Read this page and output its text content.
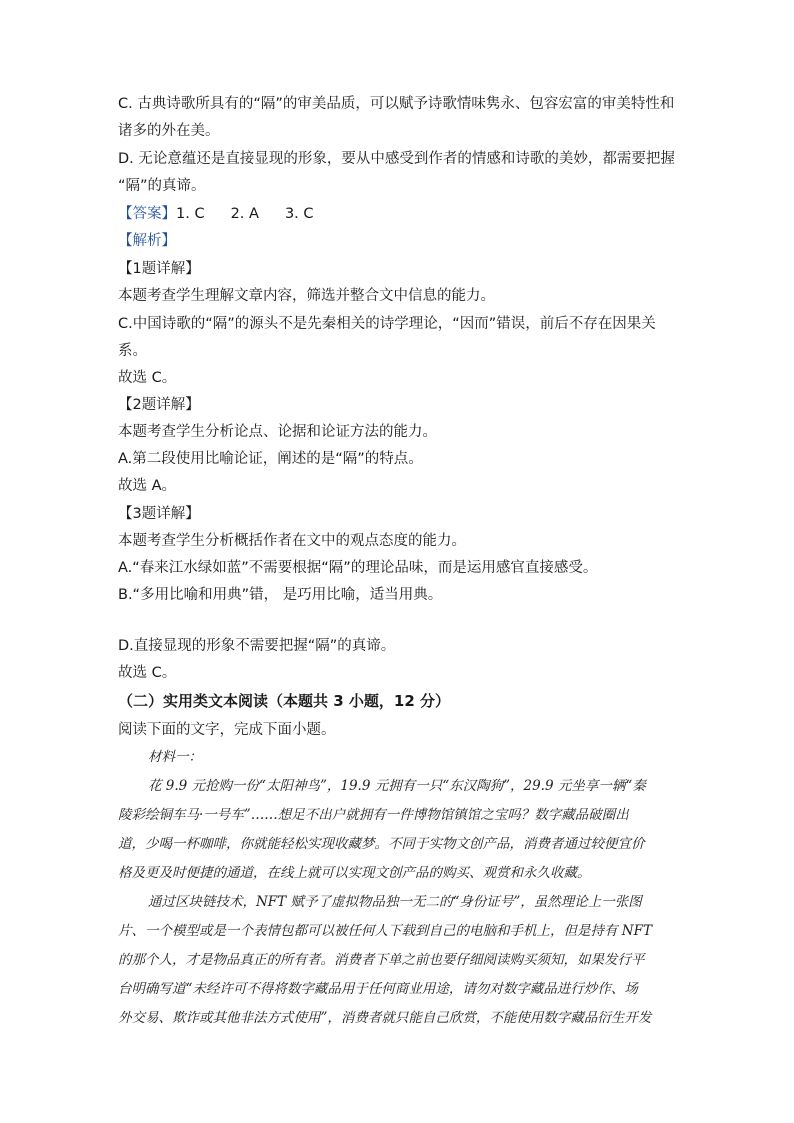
C. 古典诗歌所具有的“隔”的审美品质，可以赋予诗歌情味隽永、包容宏富的审美特性和
诸多的外在美。
D. 无论意蕴还是直接显现的形象，要从中感受到作者的情感和诗歌的美妙，都需要把握
“隔”的真谛。
【答案】1. C 2. A 3. C
【解析】
【1题详解】
本题考查学生理解文章内容，筛选并整合文中信息的能力。
C.中国诗歌的“隔”的源头不是先秦相关的诗学理论，“因而”错误，前后不存在因果关
系。
故选 C。
【2题详解】
本题考查学生分析论点、论据和论证方法的能力。
A.第二段使用比喻论证，阐述的是“隔”的特点。
故选 A。
【3题详解】
本题考查学生分析概括作者在文中的观点态度的能力。
A.“春来江水绿如蓝”不需要根据“隔”的理论品味，而是运用感官直接感受。
B.“多用比喻和用典”错， 是巧用比喻，适当用典。
D.直接显现的形象不需要把握“隔”的真谛。
故选 C。
（二）实用类文本阅读（本题共 3 小题，12 分）
阅读下面的文字，完成下面小题。
材料一：
花 9.9 元抢购一份“太阳神鸟”，19.9 元拥有一只“东汉陶狗”，29.9 元坐享一辆“秦
陵彩绘铜车马·一号车”……想足不出户就拥有一件博物馆镇馆之宝吗？数字藏品破圈出
道，少喝一杯咖啡，你就能轻松实现收藏梦。不同于实物文创产品，消费者通过较便宜价
格及更及时便捷的通道，在线上就可以实现文创产品的购买、观赏和永久收藏。
通过区块链技术，NFT 赋予了虚拟物品独一无二的“身份证号”，虽然理论上一张图
片、一个模型或是一个表情包都可以被任何人下载到自己的电脑和手机上，但是持有 NFT
的那个人，才是物品真正的所有者。消费者下单之前也要仔细阅读购买须知，如果发行平
台明确写道“未经许可不得将数字藏品用于任何商业用途，请勿对数字藏品进行炒作、场
外交易、欺诈或其他非法方式使用”，消费者就只能自己欣赏，不能使用数字藏品衍生开发
